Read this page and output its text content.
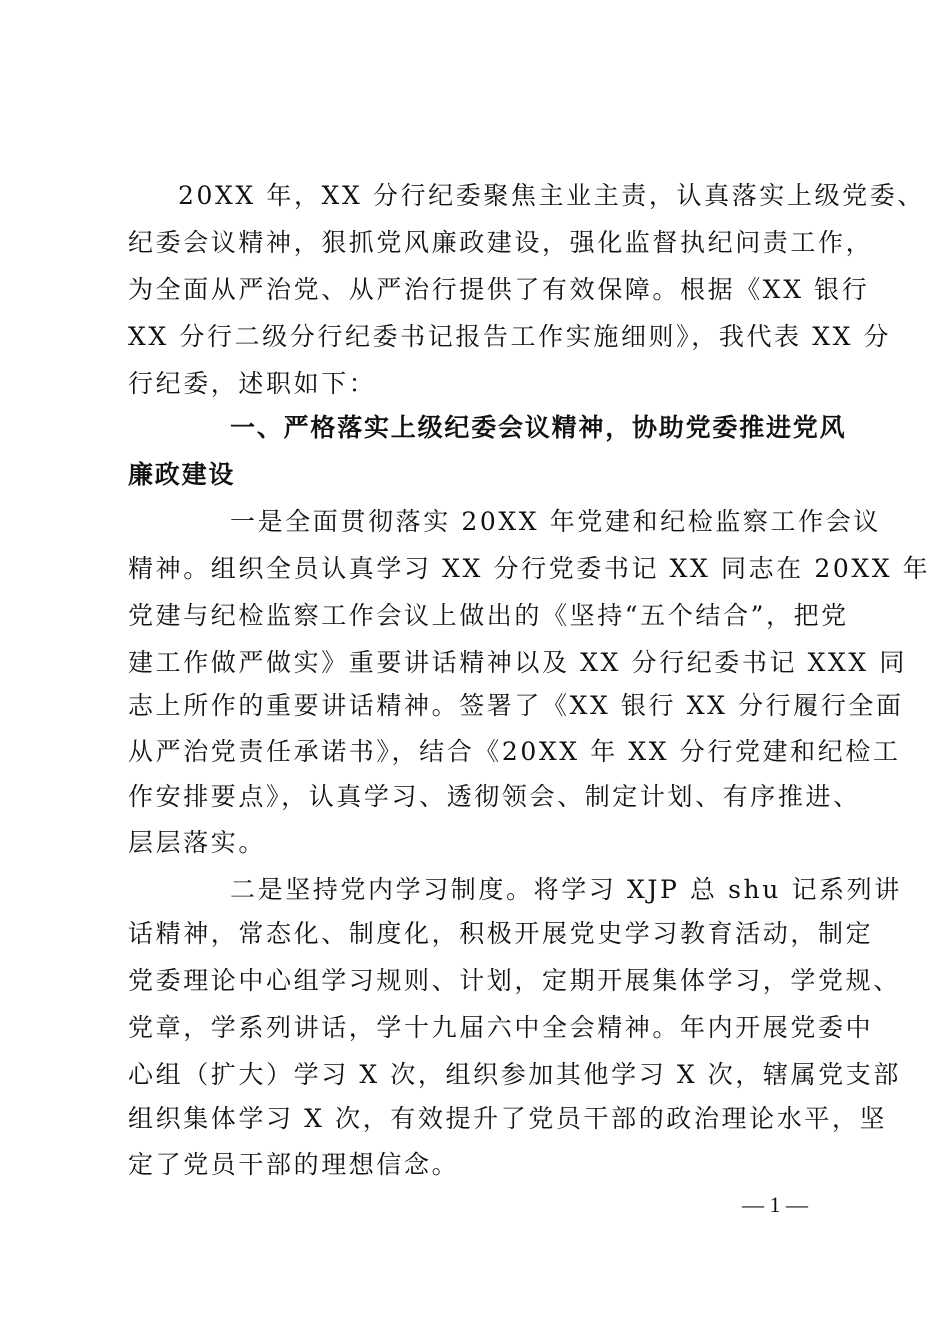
20XX 年，XX 分行纪委聚焦主业主责，认真落实上级党委、
纪委会议精神，狠抓党风廉政建设，强化监督执纪问责工作，
为全面从严治党、从严治行提供了有效保障。根据《XX 银行
XX 分行二级分行纪委书记报告工作实施细则》，我代表 XX 分
行纪委，述职如下：
一、严格落实上级纪委会议精神，协助党委推进党风
廉政建设
一是全面贯彻落实 20XX 年党建和纪检监察工作会议
精神。组织全员认真学习 XX 分行党委书记 XX 同志在 20XX 年
党建与纪检监察工作会议上做出的《坚持“五个结合”，把党
建工作做严做实》重要讲话精神以及 XX 分行纪委书记 XXX 同
志上所作的重要讲话精神。签署了《XX 银行 XX 分行履行全面
从严治党责任承诺书》，结合《20XX 年 XX 分行党建和纪检工
作安排要点》，认真学习、透彻领会、制定计划、有序推进、
层层落实。
二是坚持党内学习制度。将学习 XJP 总 shu 记系列讲
话精神，常态化、制度化，积极开展党史学习教育活动，制定
党委理论中心组学习规则、计划，定期开展集体学习，学党规、
党章，学系列讲话，学十九届六中全会精神。年内开展党委中
心组（扩大）学习 X 次，组织参加其他学习 X 次，辖属党支部
组织集体学习 X 次，有效提升了党员干部的政治理论水平，坚
定了党员干部的理想信念。
— 1 —
